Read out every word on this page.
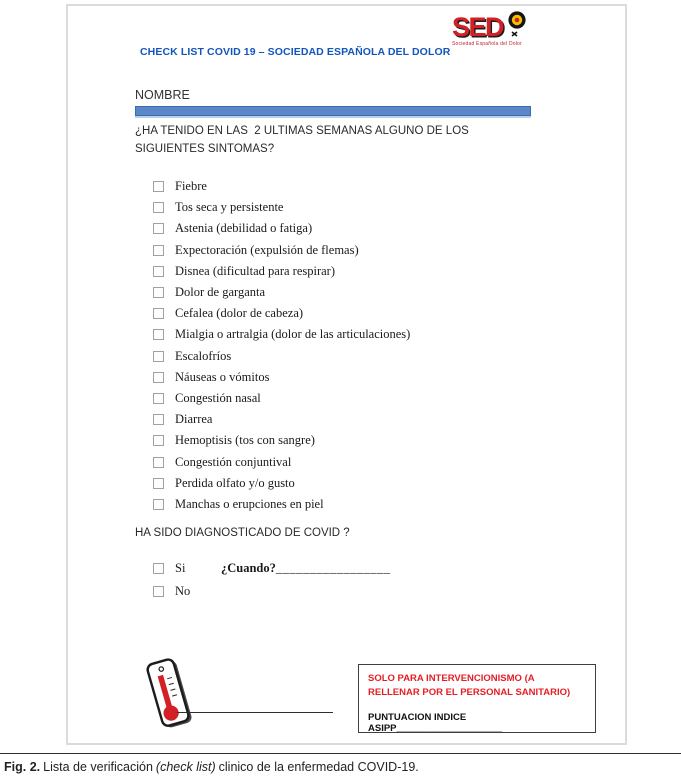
CHECK LIST COVID 19 – SOCIEDAD ESPAÑOLA DEL DOLOR
SED
Sociedad Española del Dolor
NOMBRE
¿HA TENIDO EN LAS  2 ULTIMAS SEMANAS ALGUNO DE LOS SIGUIENTES SINTOMAS?
Fiebre
Tos seca y persistente
Astenia (debilidad o fatiga)
Expectoración (expulsión de flemas)
Disnea (dificultad para respirar)
Dolor de garganta
Cefalea (dolor de cabeza)
Mialgia o artralgia (dolor de las articulaciones)
Escalofríos
Náuseas o vómitos
Congestión nasal
Diarrea
Hemoptisis (tos con sangre)
Congestión conjuntival
Perdida olfato y/o gusto
Manchas o erupciones en piel
HA SIDO DIAGNOSTICADO DE COVID ?
Si	¿Cuando? _________________
No
SOLO PARA INTERVENCIONISMO (A RELLENAR POR EL PERSONAL SANITARIO)
PUNTUACION INDICE ASIPP____________________
Fig. 2. Lista de verificación (check list) clinico de la enfermedad COVID-19.
